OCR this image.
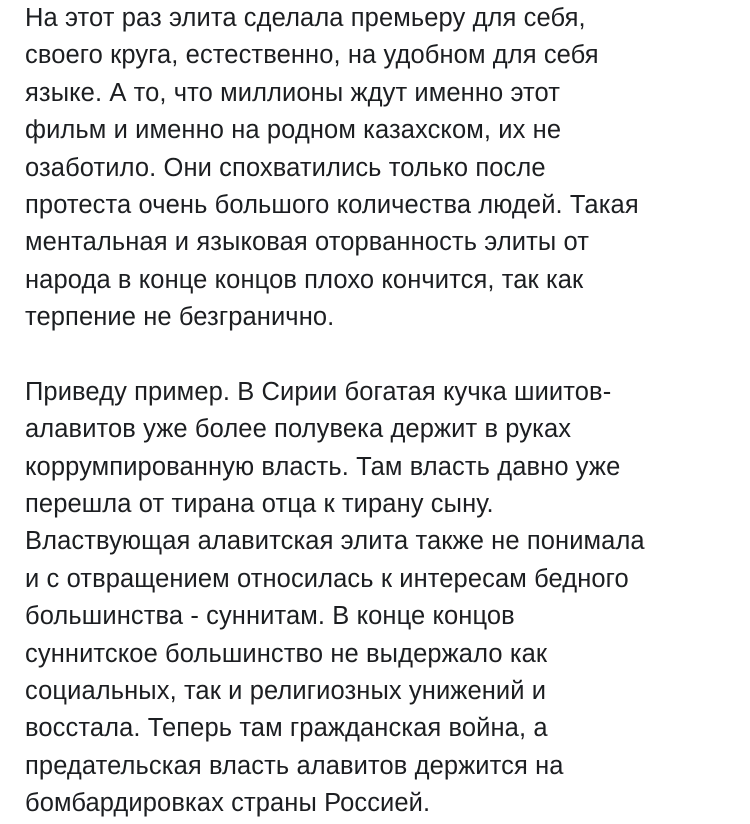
На этот раз элита сделала премьеру для себя,
своего круга, естественно, на удобном для себя
языке. А то, что миллионы ждут именно этот
фильм и именно на родном казахском, их не
озаботило. Они спохватились только после
протеста очень большого количества людей. Такая
ментальная и языковая оторванность элиты от
народа в конце концов плохо кончится, так как
терпение не безгранично.
Приведу пример. В Сирии богатая кучка шиитов-
алавитов уже более полувека держит в руках
коррумпированную власть. Там власть давно уже
перешла от тирана отца к тирану сыну.
Властвующая алавитская элита также не понимала
и с отвращением относилась к интересам бедного
большинства - суннитам. В конце концов
суннитское большинство не выдержало как
социальных, так и религиозных унижений и
восстала. Теперь там гражданская война, а
предательская власть алавитов держится на
бомбардировках страны Россией.
